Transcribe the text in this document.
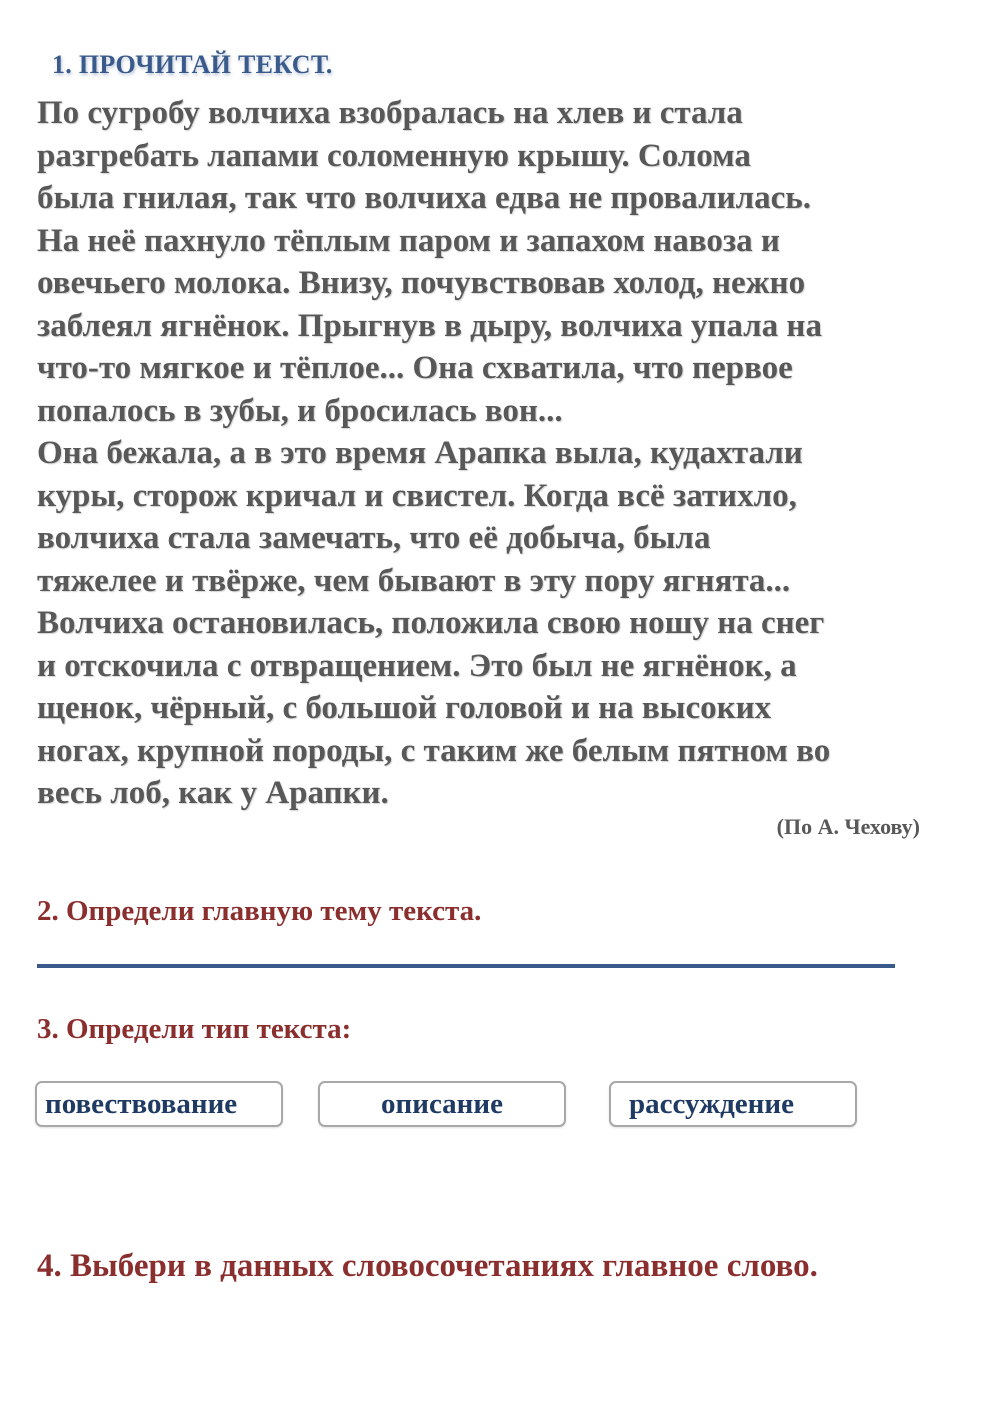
1. ПРОЧИТАЙ ТЕКСТ.
По сугробу волчиха взобралась на хлев и стала
разгребать лапами соломенную крышу. Солома
была гнилая, так что волчиха едва не провалилась.
На неё пахнуло тёплым паром и запахом навоза и
овечьего молока. Внизу, почувствовав холод, нежно
заблеял ягнёнок. Прыгнув в дыру, волчиха упала на
что-то мягкое и тёплое... Она схватила, что первое
попалось в зубы, и бросилась вон...
Она бежала, а в это время Арапка выла, кудахтали
куры, сторож кричал и свистел. Когда всё затихло,
волчиха стала замечать, что её добыча, была
тяжелее и твёрже, чем бывают в эту пору ягнята...
Волчиха остановилась, положила свою ношу на снег
и отскочила с отвращением. Это был не ягнёнок, а
щенок, чёрный, с большой головой и на высоких
ногах, крупной породы, с таким же белым пятном во
весь лоб, как у Арапки.
(По А. Чехову)
2. Определи главную тему текста.
3. Определи тип текста:
повествование	описание	рассуждение
4. Выбери в данных словосочетаниях главное слово.
